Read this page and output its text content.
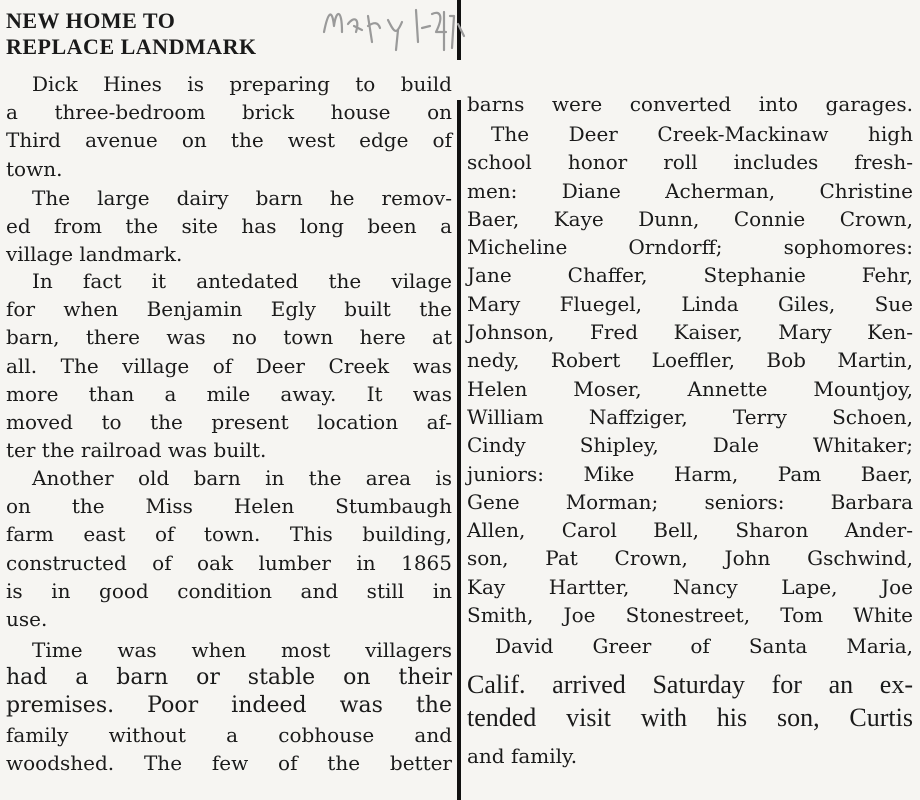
NEW HOME TO
REPLACE LANDMARK
Dick Hines is preparing to build
a three-bedroom brick house on
Third avenue on the west edge of
town.
The large dairy barn he remov-
ed from the site has long been a
village landmark.
In fact it antedated the vilage
for when Benjamin Egly built the
barn, there was no town here at
all. The village of Deer Creek was
more than a mile away. It was
moved to the present location af-
ter the railroad was built.
Another old barn in the area is
on the Miss Helen Stumbaugh
farm east of town. This building,
constructed of oak lumber in 1865
is in good condition and still in
use.
Time was when most villagers
had a barn or stable on their
premises. Poor indeed was the
family without a cobhouse and
woodshed. The few of the better
barns were converted into garages.
The Deer Creek-Mackinaw high
school honor roll includes fresh-
men: Diane Acherman, Christine
Baer, Kaye Dunn, Connie Crown,
Micheline Orndorff; sophomores:
Jane Chaffer, Stephanie Fehr,
Mary Fluegel, Linda Giles, Sue
Johnson, Fred Kaiser, Mary Ken-
nedy, Robert Loeffler, Bob Martin,
Helen Moser, Annette Mountjoy,
William Naffziger, Terry Schoen,
Cindy Shipley, Dale Whitaker;
juniors: Mike Harm, Pam Baer,
Gene Morman; seniors: Barbara
Allen, Carol Bell, Sharon Ander-
son, Pat Crown, John Gschwind,
Kay Hartter, Nancy Lape, Joe
Smith, Joe Stonestreet, Tom White
David Greer of Santa Maria,
Calif. arrived Saturday for an ex-
tended visit with his son, Curtis
and family.
